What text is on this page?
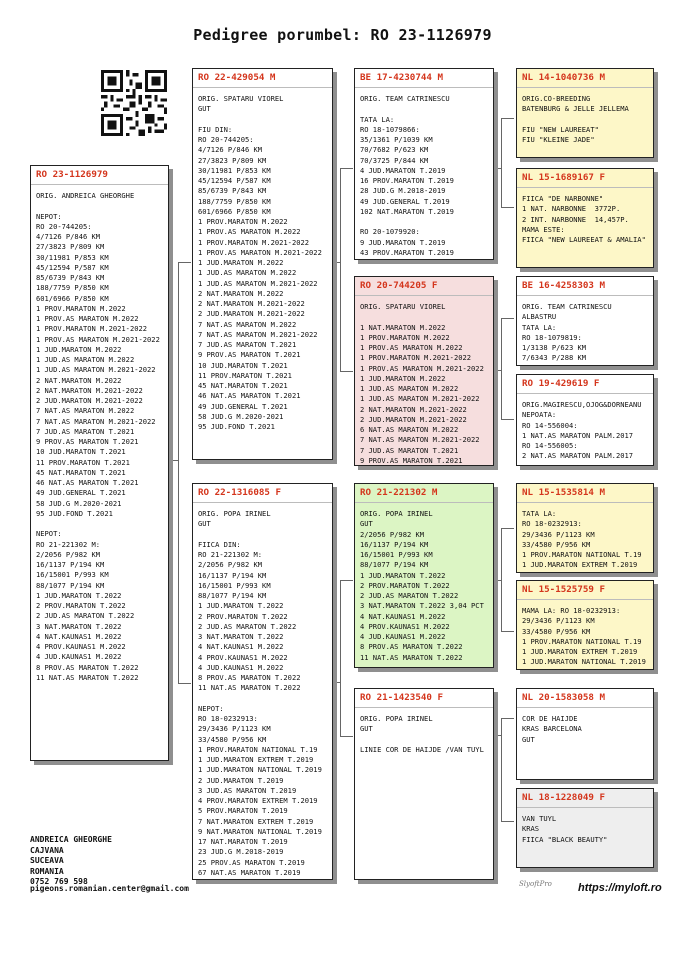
Pedigree porumbel: RO 23-1126979
RO 23-1126979
ORIG. ANDREICA GHEORGHE

NEPOT:
RO 20-744205:
4/7126 P/846 KM
27/3823 P/809 KM
30/11981 P/853 KM
45/12594 P/587 KM
85/6739 P/843 KM
188/7759 P/850 KM
601/6966 P/850 KM
1 PROV.MARATON M.2022
1 PROV.AS MARATON M.2022
1 PROV.MARATON M.2021-2022
1 PROV.AS MARATON M.2021-2022
1 JUD.MARATON M.2022
1 JUD.AS MARATON M.2022
1 JUD.AS MARATON M.2021-2022
2 NAT.MARATON M.2022
2 NAT.MARATON M.2021-2022
2 JUD.MARATON M.2021-2022
7 NAT.AS MARATON M.2022
7 NAT.AS MARATON M.2021-2022
7 JUD.AS MARATON T.2021
9 PROV.AS MARATON T.2021
10 JUD.MARATON T.2021
11 PROV.MARATON T.2021
45 NAT.MARATON T.2021
46 NAT.AS MARATON T.2021
49 JUD.GENERAL T.2021
58 JUD.G M.2020-2021
95 JUD.FOND T.2021

NEPOT:
RO 21-221302 M:
2/2056 P/982 KM
16/1137 P/194 KM
16/15001 P/993 KM
88/1077 P/194 KM
1 JUD.MARATON T.2022
2 PROV.MARATON T.2022
2 JUD.AS MARATON T.2022
3 NAT.MARATON T.2022
4 NAT.KAUNAS1 M.2022
4 PROV.KAUNAS1 M.2022
4 JUD.KAUNAS1 M.2022
8 PROV.AS MARATON T.2022
11 NAT.AS MARATON T.2022
RO 22-429054 M
ORIG. SPATARU VIOREL
GUT

FIU DIN:
RO 20-744205:
4/7126 P/846 KM
27/3823 P/809 KM
30/11981 P/853 KM
45/12594 P/587 KM
85/6739 P/843 KM
188/7759 P/850 KM
601/6966 P/850 KM
1 PROV.MARATON M.2022
1 PROV.AS MARATON M.2022
1 PROV.MARATON M.2021-2022
1 PROV.AS MARATON M.2021-2022
1 JUD.MARATON M.2022
1 JUD.AS MARATON M.2022
1 JUD.AS MARATON M.2021-2022
2 NAT.MARATON M.2022
2 NAT.MARATON M.2021-2022
2 JUD.MARATON M.2021-2022
7 NAT.AS MARATON M.2022
7 NAT.AS MARATON M.2021-2022
7 JUD.AS MARATON T.2021
9 PROV.AS MARATON T.2021
10 JUD.MARATON T.2021
11 PROV.MARATON T.2021
45 NAT.MARATON T.2021
46 NAT.AS MARATON T.2021
49 JUD.GENERAL T.2021
58 JUD.G M.2020-2021
95 JUD.FOND T.2021
RO 22-1316085 F
ORIG. POPA IRINEL
GUT

FIICA DIN:
RO 21-221302 M:
2/2056 P/982 KM
16/1137 P/194 KM
16/15001 P/993 KM
88/1077 P/194 KM
1 JUD.MARATON T.2022
2 PROV.MARATON T.2022
2 JUD.AS MARATON T.2022
3 NAT.MARATON T.2022
4 NAT.KAUNAS1 M.2022
4 PROV.KAUNAS1 M.2022
4 JUD.KAUNAS1 M.2022
8 PROV.AS MARATON T.2022
11 NAT.AS MARATON T.2022

NEPOT:
RO 18-0232913:
29/3436 P/1123 KM
33/4580 P/956 KM
1 PROV.MARATON NATIONAL T.19
1 JUD.MARATON EXTREM T.2019
1 JUD.MARATON NATIONAL T.2019
2 JUD.MARATON T.2019
3 JUD.AS MARATON T.2019
4 PROV.MARATON EXTREM T.2019
5 PROV.MARATON T.2019
7 NAT.MARATON EXTREM T.2019
9 NAT.MARATON NATIONAL T.2019
17 NAT.MARATON T.2019
23 JUD.G M.2018-2019
25 PROV.AS MARATON T.2019
67 NAT.AS MARATON T.2019
BE 17-4230744 M
ORIG. TEAM CATRINESCU

TATA LA:
RO 18-1079866:
35/1361 P/1039 KM
70/7682 P/623 KM
70/3725 P/844 KM
4 JUD.MARATON T.2019
16 PROV.MARATON T.2019
28 JUD.G M.2018-2019
49 JUD.GENERAL T.2019
102 NAT.MARATON T.2019

RO 20-1079920:
9 JUD.MARATON T.2019
43 PROV.MARATON T.2019
RO 20-744205 F
ORIG. SPATARU VIOREL

1 NAT.MARATON M.2022
1 PROV.MARATON M.2022
1 PROV.AS MARATON M.2022
1 PROV.MARATON M.2021-2022
1 PROV.AS MARATON M.2021-2022
1 JUD.MARATON M.2022
1 JUD.AS MARATON M.2022
1 JUD.AS MARATON M.2021-2022
2 NAT.MARATON M.2021-2022
2 JUD.MARATON M.2021-2022
6 NAT.AS MARATON M.2022
7 NAT.AS MARATON M.2021-2022
7 JUD.AS MARATON T.2021
9 PROV.AS MARATON T.2021
RO 21-221302 M
ORIG. POPA IRINEL
GUT
2/2056 P/982 KM
16/1137 P/194 KM
16/15001 P/993 KM
88/1077 P/194 KM
1 JUD.MARATON T.2022
2 PROV.MARATON T.2022
2 JUD.AS MARATON T.2022
3 NAT.MARATON T.2022 3,04 PCT
4 NAT.KAUNAS1 M.2022
4 PROV.KAUNAS1 M.2022
4 JUD.KAUNAS1 M.2022
8 PROV.AS MARATON T.2022
11 NAT.AS MARATON T.2022
RO 21-1423540 F
ORIG. POPA IRINEL
GUT

LINIE COR DE HAIJDE /VAN TUYL
NL 14-1040736 M
ORIG.CO-BREEDING
BATENBURG & JELLE JELLEMA

FIU "NEW LAUREEAT"
FIU "KLEINE JADE"
NL 15-1689167 F
FIICA "DE NARBONNE"
1 NAT. NARBONNE  3772P.
2 INT. NARBONNE  14,457P.
MAMA ESTE:
FIICA "NEW LAUREEAT & AMALIA"
BE 16-4258303 M
ORIG. TEAM CATRINESCU
ALBASTRU
TATA LA:
RO 18-1079819:
1/3138 P/623 KM
7/6343 P/288 KM
RO 19-429619 F
ORIG.MAGIRESCU,OJOG&DORNEANU
NEPOATA:
RO 14-556004:
1 NAT.AS MARATON PALM.2017
RO 14-556005:
2 NAT.AS MARATON PALM.2017
NL 15-1535814 M
TATA LA:
RO 18-0232913:
29/3436 P/1123 KM
33/4580 P/956 KM
1 PROV.MARATON NATIONAL T.19
1 JUD.MARATON EXTREM T.2019
NL 15-1525759 F
MAMA LA: RO 18-0232913:
29/3436 P/1123 KM
33/4580 P/956 KM
1 PROV.MARATON NATIONAL T.19
1 JUD.MARATON EXTREM T.2019
1 JUD.MARATON NATIONAL T.2019
NL 20-1583058 M
COR DE HAIJDE
KRAS BARCELONA
GUT
NL 18-1228049 F
VAN TUYL
KRAS
FIICA "BLACK BEAUTY"
ANDREICA GHEORGHE
CAJVANA
SUCEAVA
ROMANIA
0752 769 598
pigeons.romanian.center@gmail.com	SlyoftPro https://myloft.ro
